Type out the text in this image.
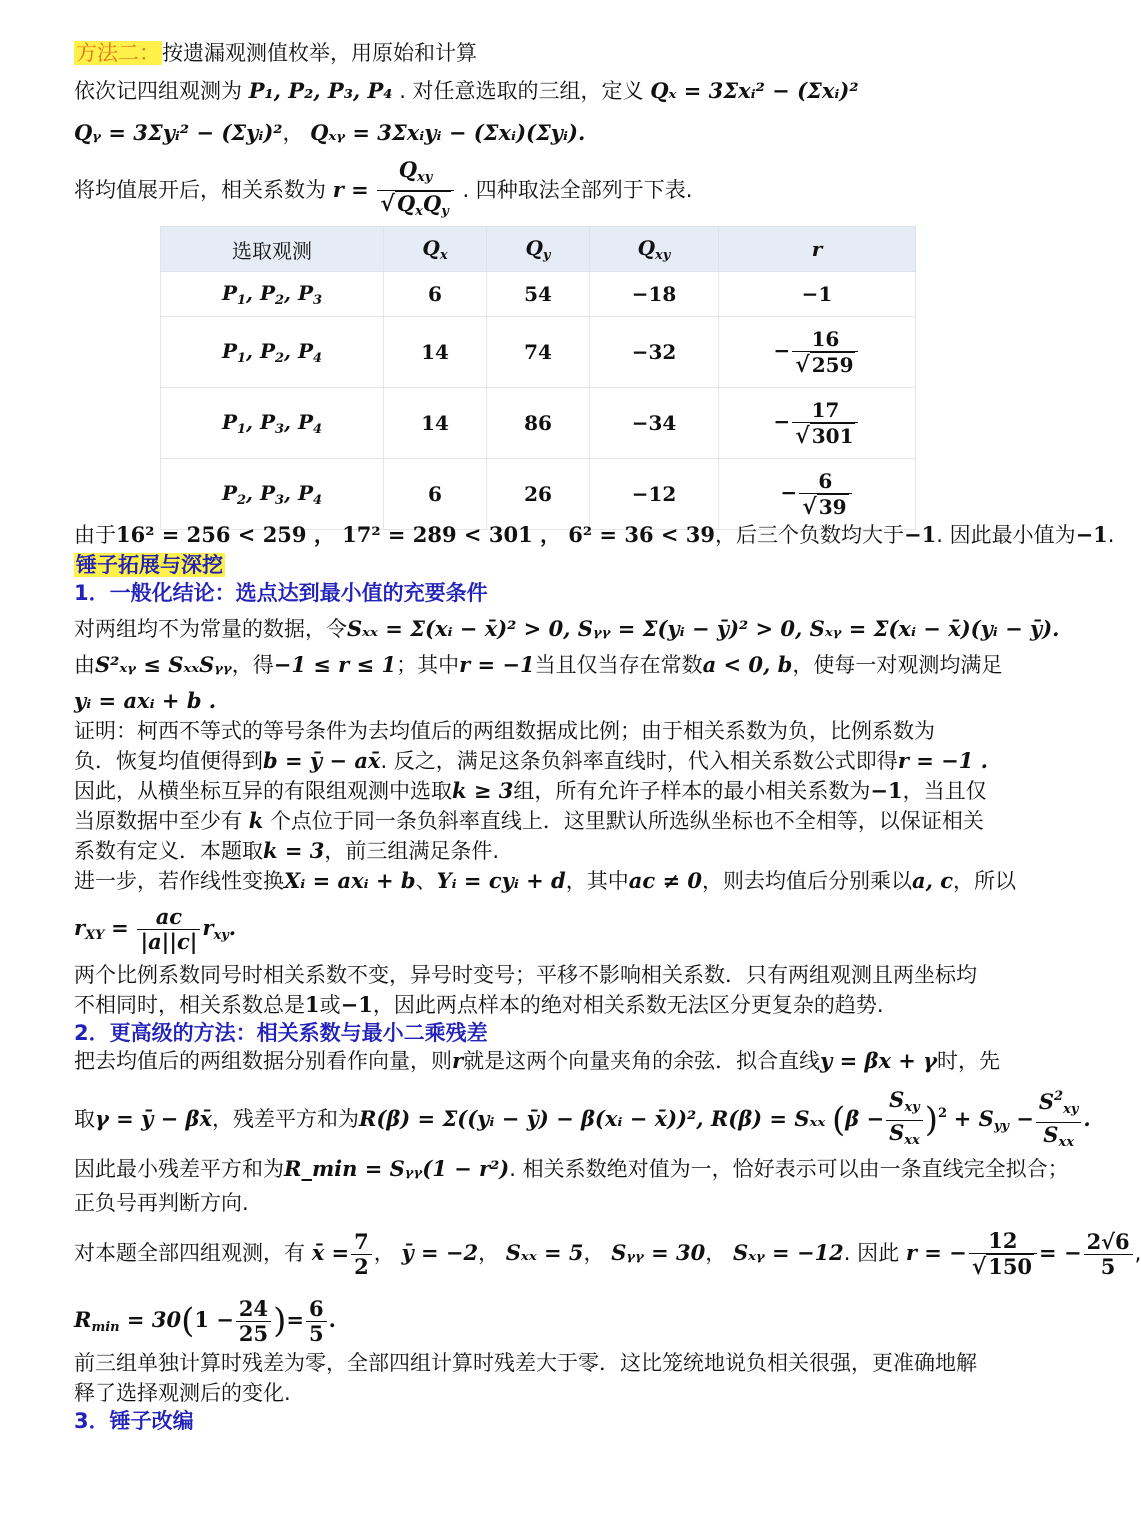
方法二：按遗漏观测值枚举，用原始和计算
依次记四组观测为 P₁, P₂, P₃, P₄ . 对任意选取的三组，定义 Qₓ = 3Σxᵢ² − (Σxᵢ)²
Qᵧ = 3Σyᵢ² − (Σyᵢ)²， Qₓᵧ = 3Σxᵢyᵢ − (Σxᵢ)(Σyᵢ).
将均值展开后，相关系数为 $r = \frac{Q_{xy}}{√Q_xQ_y}$ . 四种取法全部列于下表.
选取观测	$Q_x$	$Q_y$	$Q_{xy}$	r
$P_1$, $P_2$, $P_3$	6	54	−18	−1
$P_1$, $P_2$, $P_4$	14	74	−32	− $\frac{16}{√ 259}$

$P_1$, $P_3$, $P_4$	14	86	−34	− $\frac{17}{√ 301}$

$P_2$, $P_3$, $P_4$	6	26	−12	− $\frac{6}{√ 39}$
由于16² = 256 < 259 ， 17² = 289 < 301 ， 6² = 36 < 39，后三个负数均大于−1. 因此最小值为−1.
锤子拓展与深挖
1．一般化结论：选点达到最小值的充要条件
对两组均不为常量的数据，令Sₓₓ = Σ(xᵢ − x̄)² > 0, Sᵧᵧ = Σ(yᵢ − ȳ)² > 0, Sₓᵧ = Σ(xᵢ − x̄)(yᵢ − ȳ).
由S²ₓᵧ ≤ SₓₓSᵧᵧ，得−1 ≤ r ≤ 1；其中r = −1当且仅当存在常数a < 0, b，使每一对观测均满足
yᵢ = axᵢ + b .
证明：柯西不等式的等号条件为去均值后的两组数据成比例；由于相关系数为负，比例系数为
负．恢复均值便得到b = ȳ − ax̄. 反之，满足这条负斜率直线时，代入相关系数公式即得r = −1 .
因此，从横坐标互异的有限组观测中选取k ≥ 3组，所有允许子样本的最小相关系数为−1，当且仅
当原数据中至少有 k 个点位于同一条负斜率直线上．这里默认所选纵坐标也不全相等，以保证相关
系数有定义．本题取k = 3，前三组满足条件.
进一步，若作线性变换Xᵢ = axᵢ + b、Yᵢ = cyᵢ + d，其中ac ≠ 0，则去均值后分别乘以a, c，所以
$r_{XY} = \frac{ac}{|a||c|} r_{xy}$.
两个比例系数同号时相关系数不变，异号时变号；平移不影响相关系数．只有两组观测且两坐标均
不相同时，相关系数总是1或−1，因此两点样本的绝对相关系数无法区分更复杂的趋势.
2．更高级的方法：相关系数与最小二乘残差
把去均值后的两组数据分别看作向量，则r就是这两个向量夹角的余弦．拟合直线y = βx + γ时，先
取γ = ȳ − βx̄，残差平方和为R(β) = Σ((yᵢ − ȳ) − β(xᵢ − x̄))², R(β) = Sₓₓ $(\beta - \frac{S_{xy}}{S_{xx}} )^2 + S_{yy} - \frac{S^2_{xy}}{S_{xx}}$ .
因此最小残差平方和为R_min = Sᵧᵧ(1 − r²). 相关系数绝对值为一，恰好表示可以由一条直线完全拟合；
正负号再判断方向.
对本题全部四组观测，有 x̄ = $\frac{7}{2}$ ， ȳ = −2， Sₓₓ = 5， Sᵧᵧ = 30， Sₓᵧ = −12. 因此 r = − $\frac{12}{√150}$ = − $\frac{2√6}{5}$ ,
$R_{min} = 30(1 - \frac{24}{25}$ )= $\frac{6}{5}$ .
前三组单独计算时残差为零，全部四组计算时残差大于零．这比笼统地说负相关很强，更准确地解
释了选择观测后的变化.
3．锤子改编
